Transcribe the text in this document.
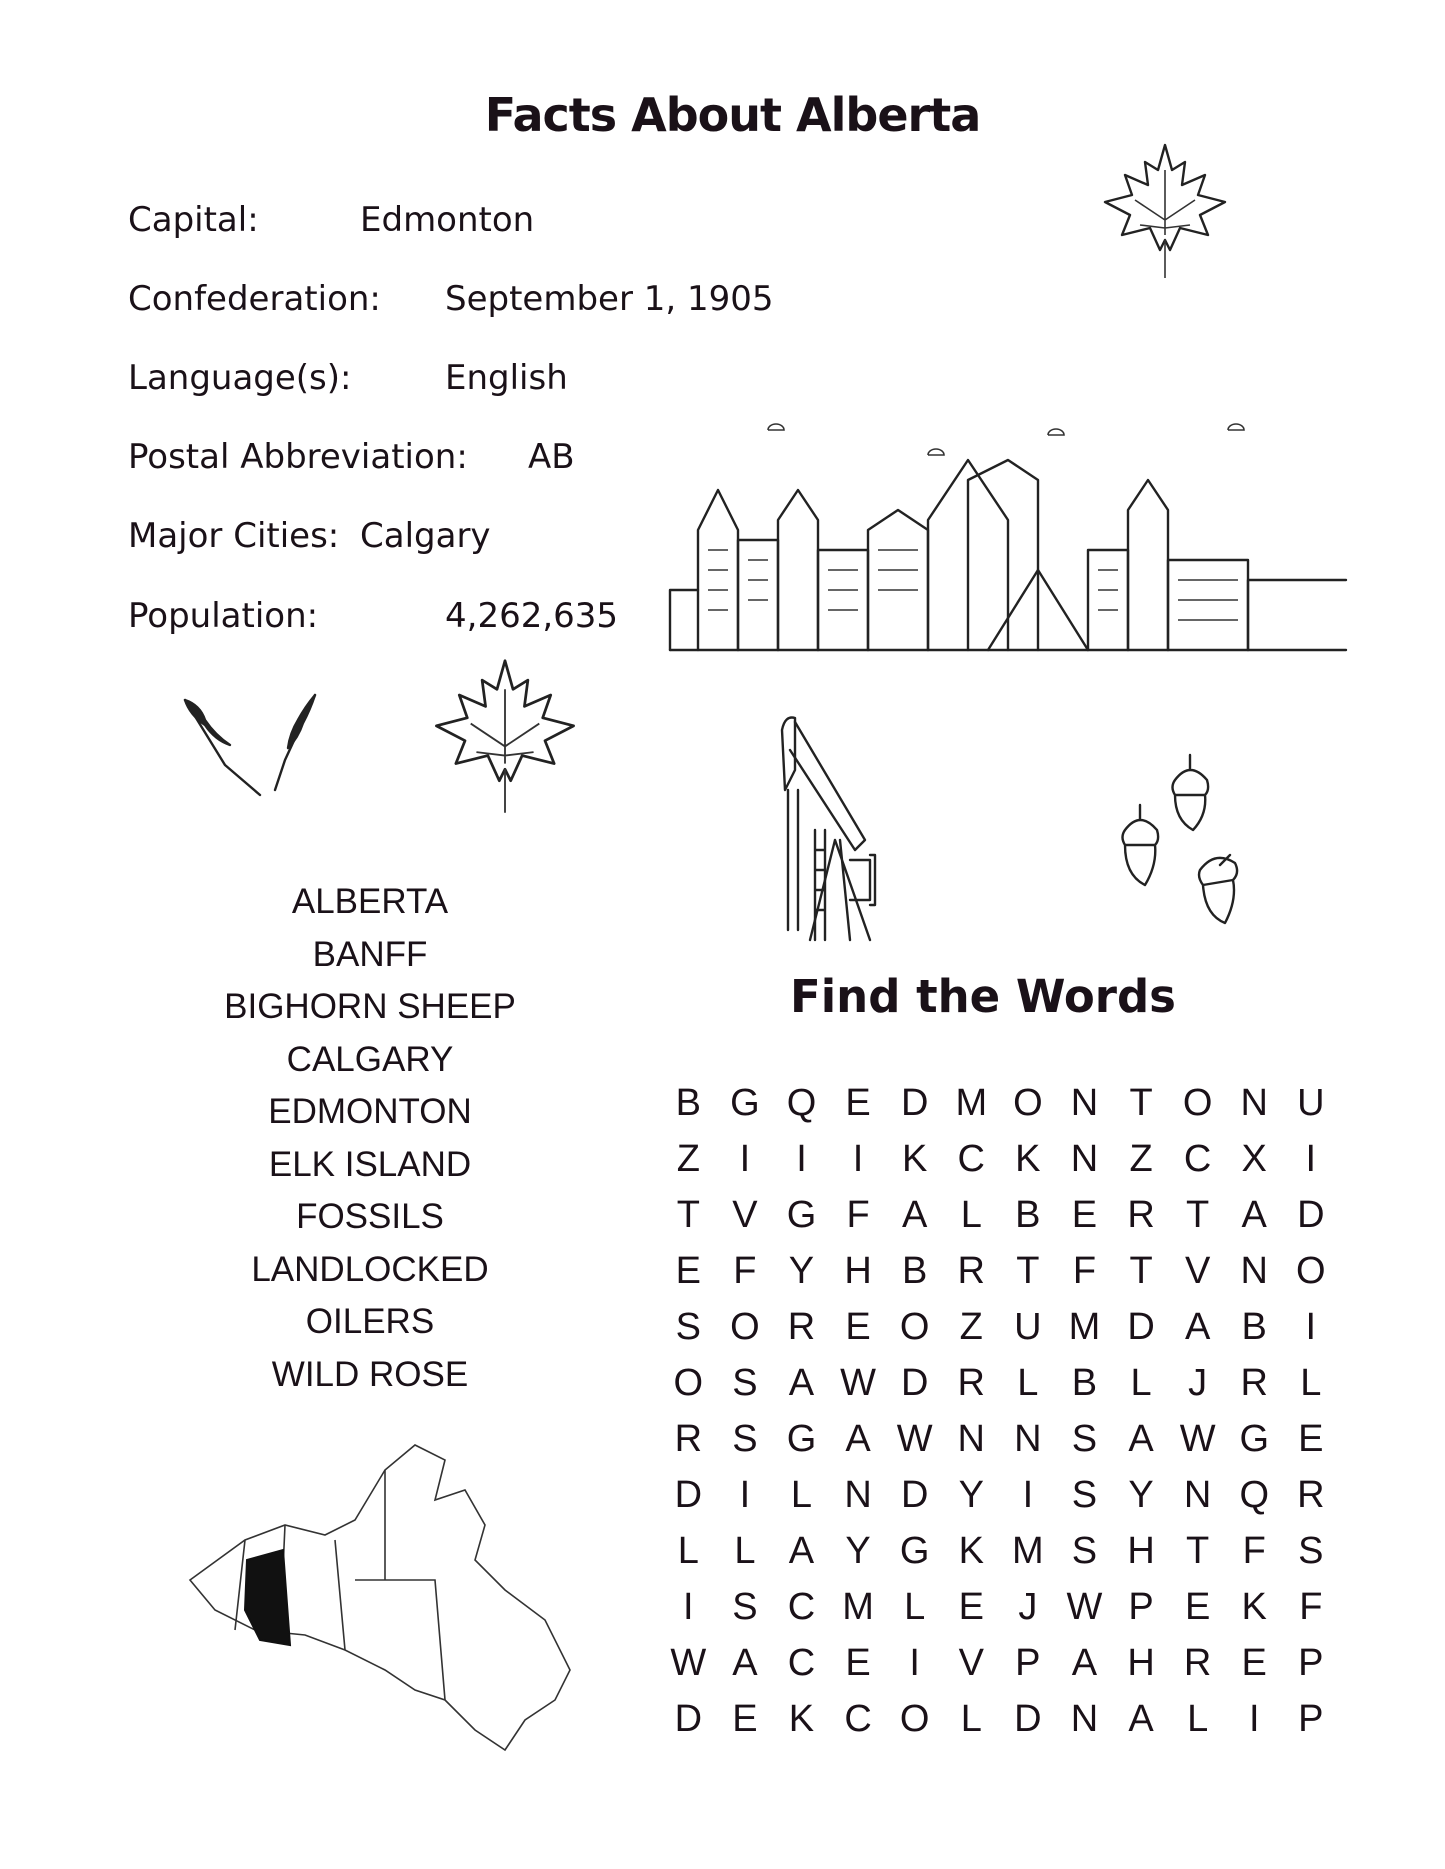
Facts About Alberta
Capital:	Edmonton
Confederation: September 1, 1905
Language(s):	English
Postal Abbreviation: AB
Major Cities: Calgary
Population:	4,262,635
ALBERTA
BANFF
BIGHORN SHEEP
CALGARY
EDMONTON
ELK ISLAND
FOSSILS
LANDLOCKED
OILERS
WILD ROSE
Find the Words
B G Q E D M O N T O N U
Z	I	I	I	K C K N Z C X	I
T V G F A L B E R T A D
E F Y H B R T F T V N O
S O R E O Z U M D A B	I
O S A W D R L B L J R L
R S G A W N N S A W G E
D I	L N D Y	I	S Y N Q R
L L A Y G K M S H T F S
I	S C M L E J W P E K F
W A C E	I	V P A H R E P
D E K C O L D N A L	I	P
